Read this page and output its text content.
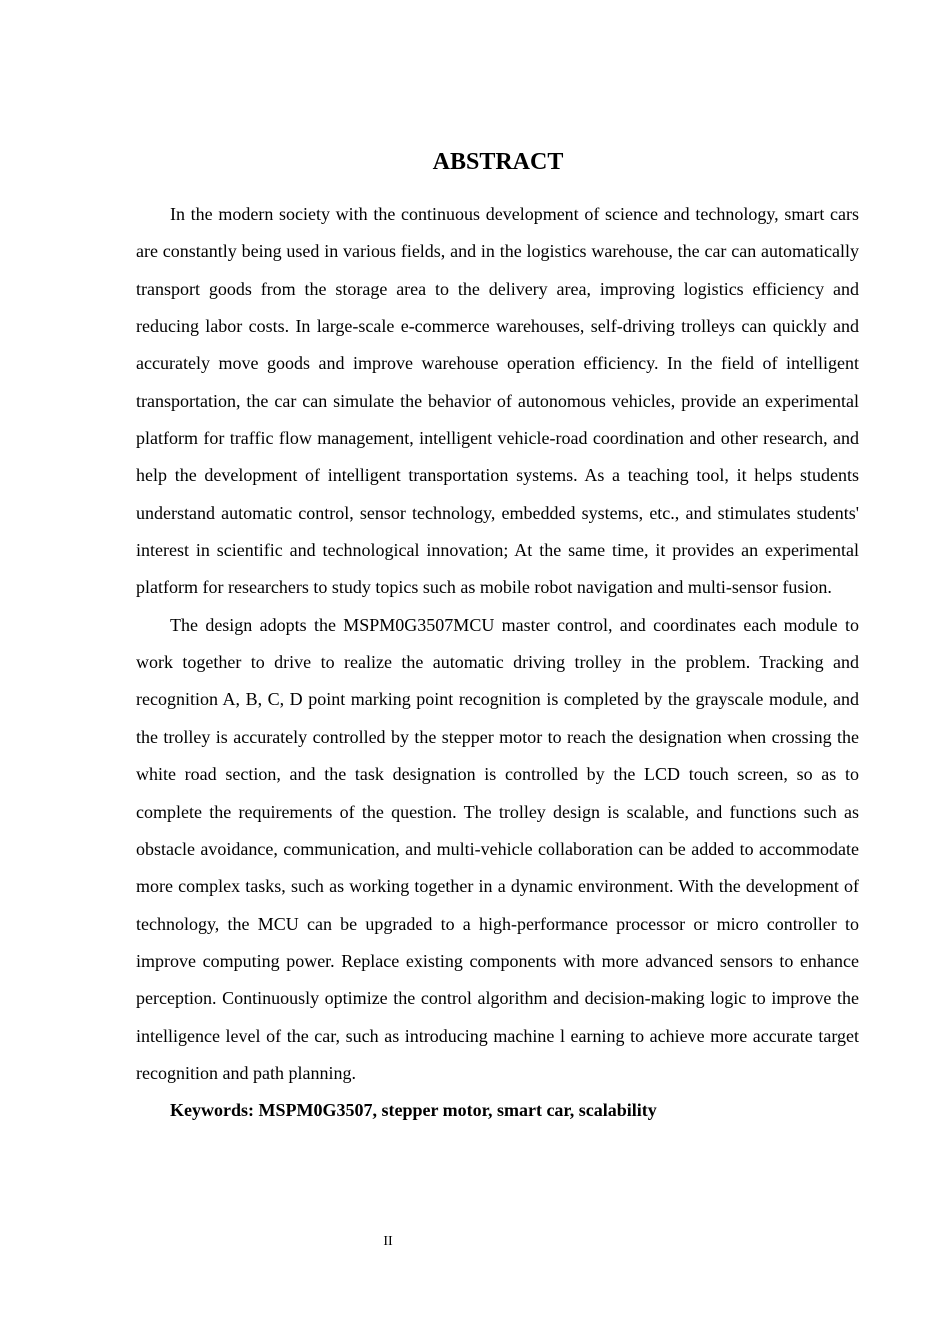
ABSTRACT

In the modern society with the continuous development of science and technology, smart cars are constantly being used in various fields, and in the logistics warehouse, the car can automatically transport goods from the storage area to the delivery area, improving logistics efficiency and reducing labor costs. In large-scale e-commerce warehouses, self-driving trolleys can quickly and accurately move goods and improve warehouse operation efficiency. In the field of intelligent transportation, the car can simulate the behavior of autonomous vehicles, provide an experimental platform for traffic flow management, intelligent vehicle-road coordination and other research, and help the development of intelligent transportation systems. As a teaching tool, it helps students understand automatic control, sensor technology, embedded systems, etc., and stimulates students' interest in scientific and technological innovation; At the same time, it provides an experimental platform for researchers to study topics such as mobile robot navigation and multi-sensor fusion.

The design adopts the MSPM0G3507MCU master control, and coordinates each module to work together to drive to realize the automatic driving trolley in the problem. Tracking and recognition A, B, C, D point marking point recognition is completed by the grayscale module, and the trolley is accurately controlled by the stepper motor to reach the designation when crossing the white road section, and the task designation is controlled by the LCD touch screen, so as to complete the requirements of the question. The trolley design is scalable, and functions such as obstacle avoidance, communication, and multi-vehicle collaboration can be added to accommodate more complex tasks, such as working together in a dynamic environment. With the development of technology, the MCU can be upgraded to a high-performance processor or micro controller to improve computing power. Replace existing components with more advanced sensors to enhance perception. Continuously optimize the control algorithm and decision-making logic to improve the intelligence level of the car, such as introducing machine l earning to achieve more accurate target recognition and path planning.

Keywords: MSPM0G3507, stepper motor, smart car, scalability

II
